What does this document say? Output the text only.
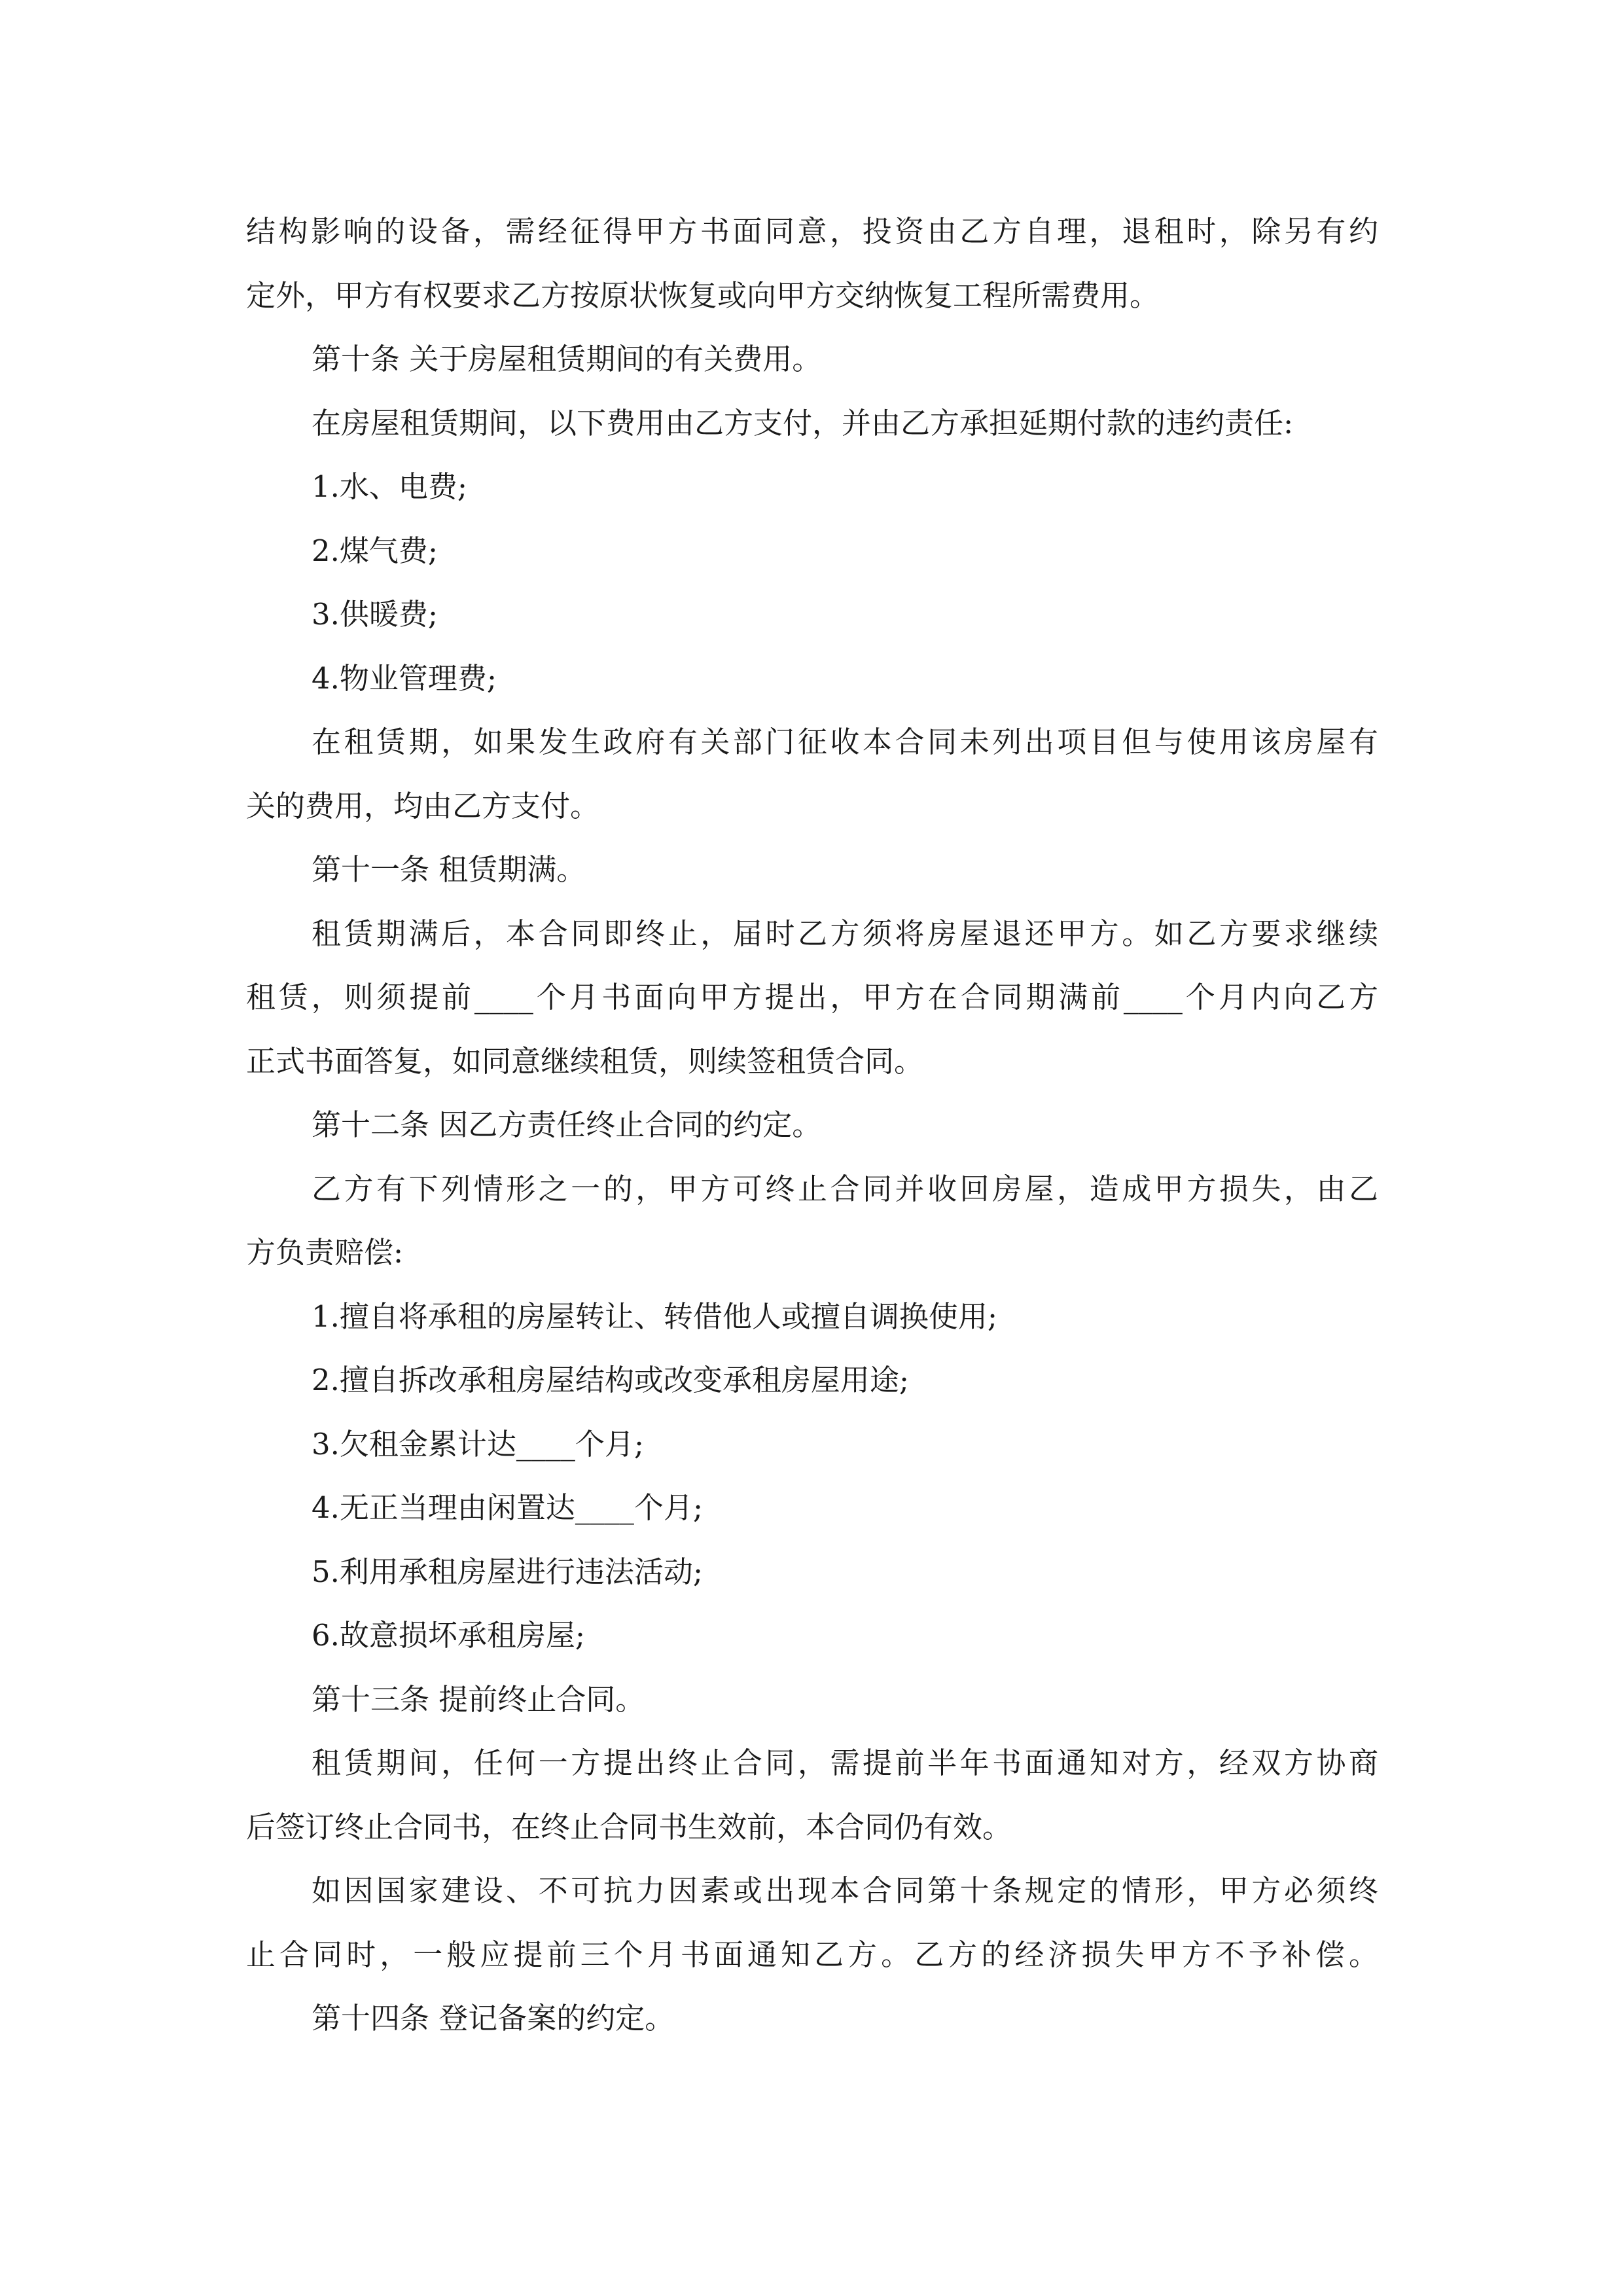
结构影响的设备，需经征得甲方书面同意，投资由乙方自理，退租时，除另有约
定外，甲方有权要求乙方按原状恢复或向甲方交纳恢复工程所需费用。
第十条 关于房屋租赁期间的有关费用。
在房屋租赁期间，以下费用由乙方支付，并由乙方承担延期付款的违约责任:
1.水、电费;
2.煤气费;
3.供暖费;
4.物业管理费;
在租赁期，如果发生政府有关部门征收本合同未列出项目但与使用该房屋有
关的费用，均由乙方支付。
第十一条 租赁期满。
租赁期满后，本合同即终止，届时乙方须将房屋退还甲方。如乙方要求继续
租赁，则须提前____个月书面向甲方提出，甲方在合同期满前____个月内向乙方
正式书面答复，如同意继续租赁，则续签租赁合同。
第十二条 因乙方责任终止合同的约定。
乙方有下列情形之一的，甲方可终止合同并收回房屋，造成甲方损失，由乙
方负责赔偿:
1.擅自将承租的房屋转让、转借他人或擅自调换使用;
2.擅自拆改承租房屋结构或改变承租房屋用途;
3.欠租金累计达____个月;
4.无正当理由闲置达____个月;
5.利用承租房屋进行违法活动;
6.故意损坏承租房屋;
第十三条 提前终止合同。
租赁期间，任何一方提出终止合同，需提前半年书面通知对方，经双方协商
后签订终止合同书，在终止合同书生效前，本合同仍有效。
如因国家建设、不可抗力因素或出现本合同第十条规定的情形，甲方必须终
止合同时，一般应提前三个月书面通知乙方。乙方的经济损失甲方不予补偿。
第十四条 登记备案的约定。
